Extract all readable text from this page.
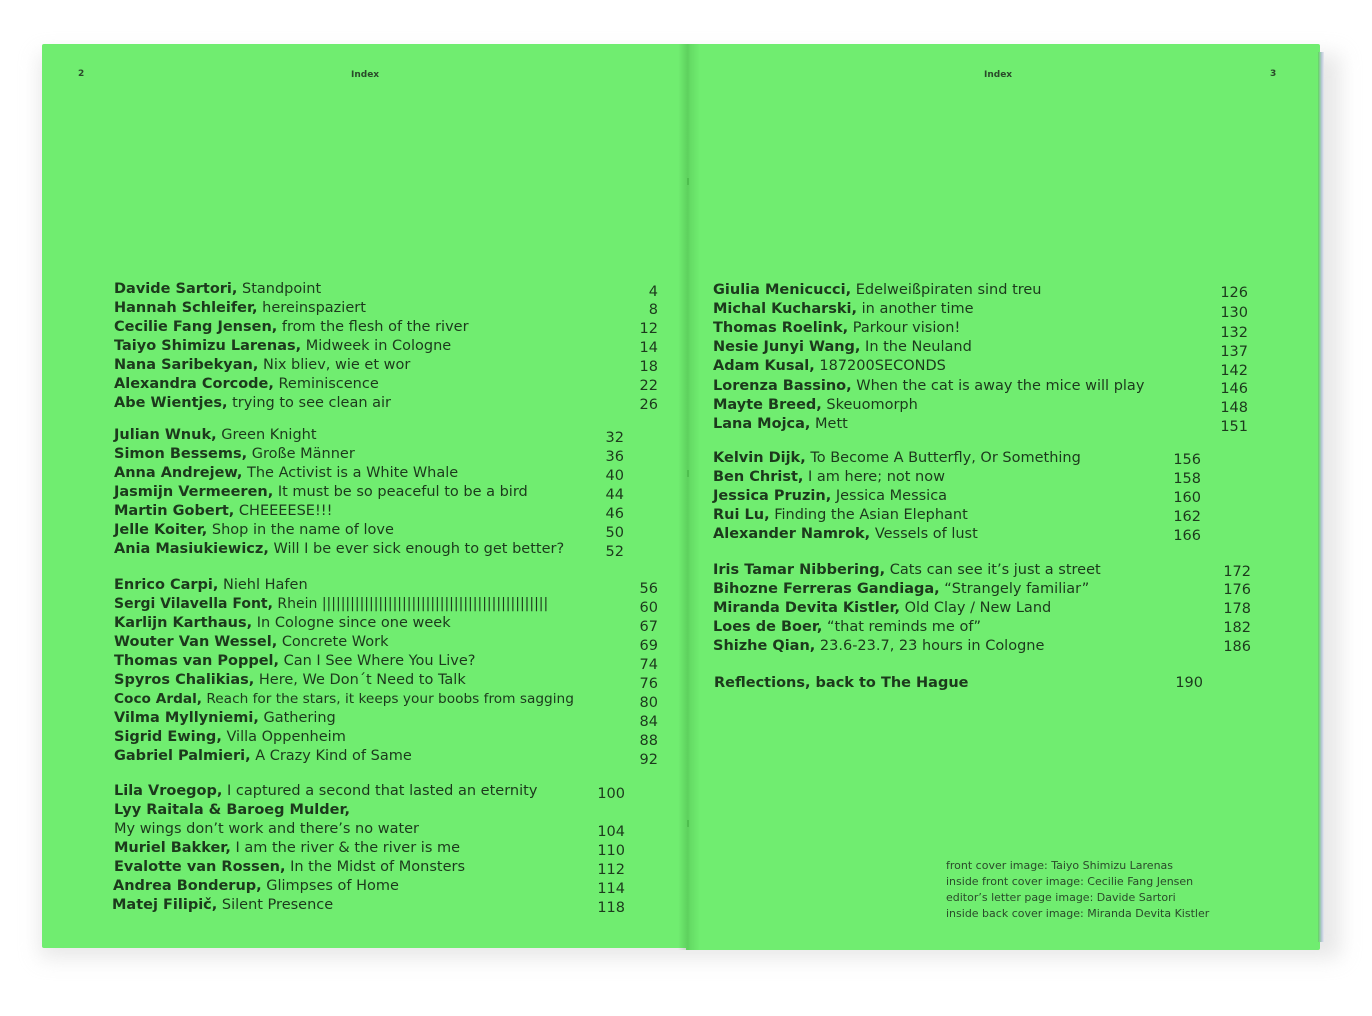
2	Index	Index	3
Davide Sartori, Standpoint	4
Hannah Schleifer, hereinspaziert	8
Cecilie Fang Jensen, from the flesh of the river	12
Taiyo Shimizu Larenas, Midweek in Cologne	14
Nana Saribekyan, Nix bliev, wie et wor	18
Alexandra Corcode, Reminiscence	22
Abe Wientjes, trying to see clean air	26
Julian Wnuk, Green Knight	32
Simon Bessems, Große Männer	36
Anna Andrejew, The Activist is a White Whale	40
Jasmijn Vermeeren, It must be so peaceful to be a bird	44
Martin Gobert, CHEEEESE!!!	46
Jelle Koiter, Shop in the name of love	50
Ania Masiukiewicz, Will I be ever sick enough to get better?	52
Enrico Carpi, Niehl Hafen	56
Sergi Vilavella Font, Rhein ||||||||||||||||||||||||||||||||||||||||||||||||	60
Karlijn Karthaus, In Cologne since one week	67
Wouter Van Wessel, Concrete Work	69
Thomas van Poppel, Can I See Where You Live?	74
Spyros Chalikias, Here, We Don´t Need to Talk	76
Coco Ardal, Reach for the stars, it keeps your boobs from sagging	80
Vilma Myllyniemi, Gathering	84
Sigrid Ewing, Villa Oppenheim	88
Gabriel Palmieri, A Crazy Kind of Same	92
Lila Vroegop, I captured a second that lasted an eternity	100
Lyy Raitala & Baroeg Mulder,
My wings don’t work and there’s no water	104
Muriel Bakker, I am the river & the river is me	110
Evalotte van Rossen, In the Midst of Monsters	112
Andrea Bonderup, Glimpses of Home	114
Matej Filipič, Silent Presence	118
Giulia Menicucci, Edelweißpiraten sind treu	126
Michal Kucharski, in another time	130
Thomas Roelink, Parkour vision!	132
Nesie Junyi Wang, In the Neuland	137
Adam Kusal, 187200SECONDS	142
Lorenza Bassino, When the cat is away the mice will play	146
Mayte Breed, Skeuomorph	148
Lana Mojca, Mett	151
Kelvin Dijk, To Become A Butterfly, Or Something	156
Ben Christ, I am here; not now	158
Jessica Pruzin, Jessica Messica	160
Rui Lu, Finding the Asian Elephant	162
Alexander Namrok, Vessels of lust	166
Iris Tamar Nibbering, Cats can see it’s just a street	172
Bihozne Ferreras Gandiaga, “Strangely familiar”	176
Miranda Devita Kistler, Old Clay / New Land	178
Loes de Boer, “that reminds me of”	182
Shizhe Qian, 23.6-23.7, 23 hours in Cologne	186
Reflections, back to The Hague	190
front cover image: Taiyo Shimizu Larenas
inside front cover image: Cecilie Fang Jensen
editor’s letter page image: Davide Sartori
inside back cover image: Miranda Devita Kistler
